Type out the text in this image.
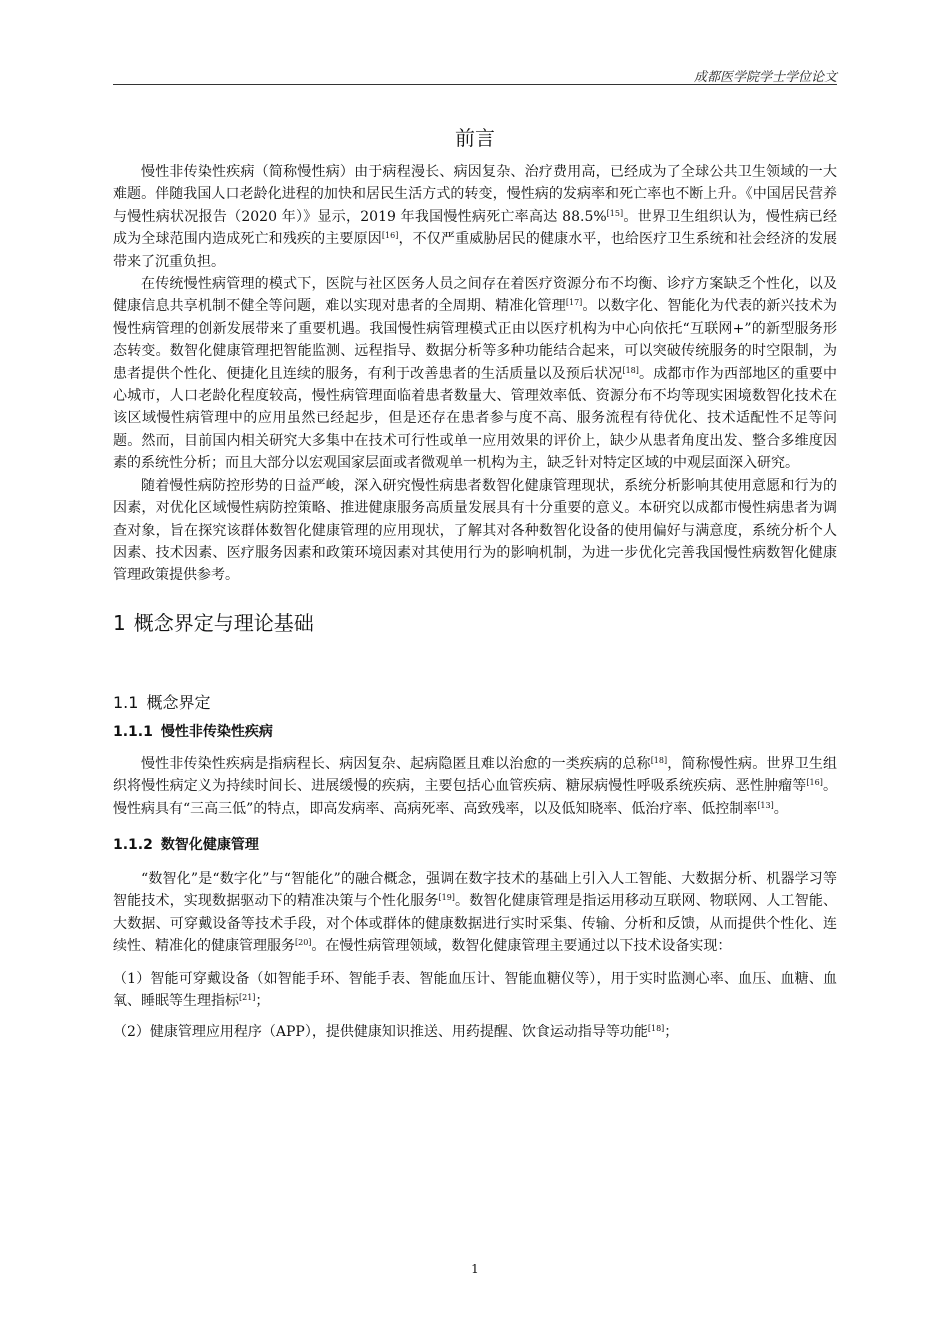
成都医学院学士学位论文
前言

慢性非传染性疾病（简称慢性病）由于病程漫长、病因复杂、治疗费用高，已经成为了全球公共卫生领域的一大难题。伴随我国人口老龄化进程的加快和居民生活方式的转变，慢性病的发病率和死亡率也不断上升。《中国居民营养与慢性病状况报告（2020 年）》显示，2019 年我国慢性病死亡率高达 88.5%[15]。世界卫生组织认为，慢性病已经成为全球范围内造成死亡和残疾的主要原因[16]，不仅严重威胁居民的健康水平，也给医疗卫生系统和社会经济的发展带来了沉重负担。

在传统慢性病管理的模式下，医院与社区医务人员之间存在着医疗资源分布不均衡、诊疗方案缺乏个性化，以及健康信息共享机制不健全等问题，难以实现对患者的全周期、精准化管理[17]。以数字化、智能化为代表的新兴技术为慢性病管理的创新发展带来了重要机遇。我国慢性病管理模式正由以医疗机构为中心向依托“互联网+”的新型服务形态转变。数智化健康管理把智能监测、远程指导、数据分析等多种功能结合起来，可以突破传统服务的时空限制，为患者提供个性化、便捷化且连续的服务，有利于改善患者的生活质量以及预后状况[18]。成都市作为西部地区的重要中心城市，人口老龄化程度较高，慢性病管理面临着患者数量大、管理效率低、资源分布不均等现实困境数智化技术在该区域慢性病管理中的应用虽然已经起步，但是还存在患者参与度不高、服务流程有待优化、技术适配性不足等问题。然而，目前国内相关研究大多集中在技术可行性或单一应用效果的评价上，缺少从患者角度出发、整合多维度因素的系统性分析；而且大部分以宏观国家层面或者微观单一机构为主，缺乏针对特定区域的中观层面深入研究。

随着慢性病防控形势的日益严峻，深入研究慢性病患者数智化健康管理现状，系统分析影响其使用意愿和行为的因素，对优化区域慢性病防控策略、推进健康服务高质量发展具有十分重要的意义。本研究以成都市慢性病患者为调查对象，旨在探究该群体数智化健康管理的应用现状，了解其对各种数智化设备的使用偏好与满意度，系统分析个人因素、技术因素、医疗服务因素和政策环境因素对其使用行为的影响机制，为进一步优化完善我国慢性病数智化健康管理政策提供参考。

1 概念界定与理论基础
1.1 概念界定
1.1.1 慢性非传染性疾病

慢性非传染性疾病是指病程长、病因复杂、起病隐匿且难以治愈的一类疾病的总称[18]，简称慢性病。世界卫生组织将慢性病定义为持续时间长、进展缓慢的疾病，主要包括心血管疾病、糖尿病慢性呼吸系统疾病、恶性肿瘤等[16]。慢性病具有“三高三低”的特点，即高发病率、高病死率、高致残率，以及低知晓率、低治疗率、低控制率[13]。

1.1.2 数智化健康管理

“数智化”是“数字化”与“智能化”的融合概念，强调在数字技术的基础上引入人工智能、大数据分析、机器学习等智能技术，实现数据驱动下的精准决策与个性化服务[19]。数智化健康管理是指运用移动互联网、物联网、人工智能、大数据、可穿戴设备等技术手段，对个体或群体的健康数据进行实时采集、传输、分析和反馈，从而提供个性化、连续性、精准化的健康管理服务[20]。在慢性病管理领域，数智化健康管理主要通过以下技术设备实现：

（1）智能可穿戴设备（如智能手环、智能手表、智能血压计、智能血糖仪等），用于实时监测心率、血压、血糖、血氧、睡眠等生理指标[21]；

（2）健康管理应用程序（APP），提供健康知识推送、用药提醒、饮食运动指导等功能[18]；

1
